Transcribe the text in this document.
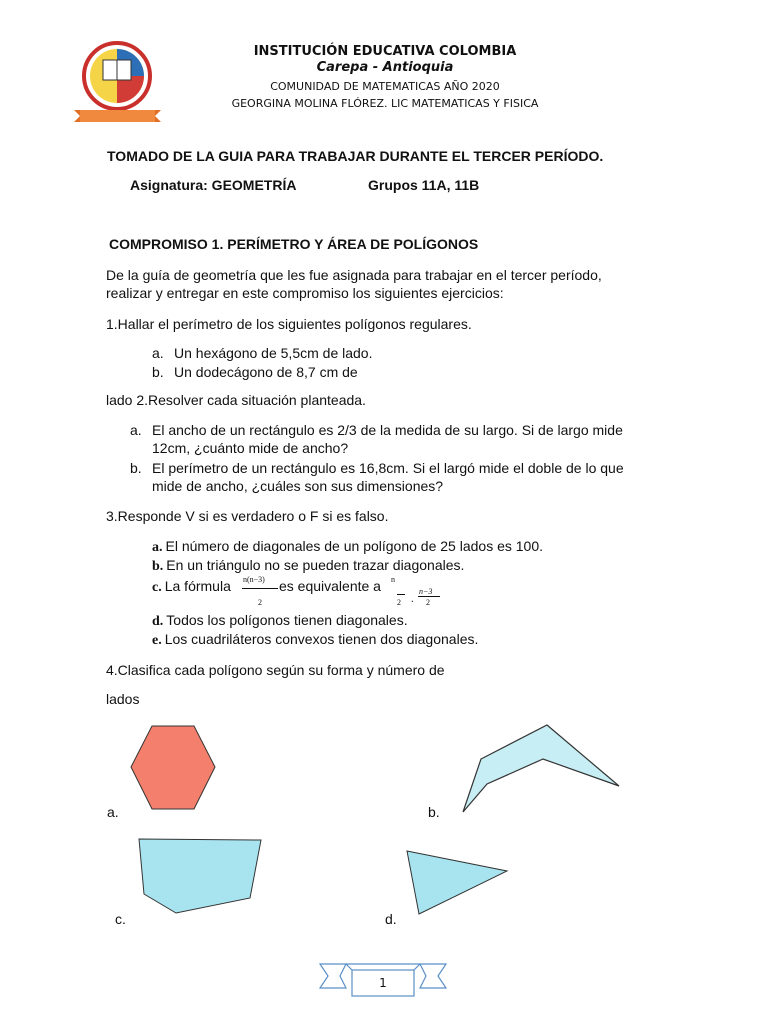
INSTITUCIÓN EDUCATIVA COLOMBIA
Carepa - Antioquia
COMUNIDAD DE MATEMATICAS AÑO 2020
GEORGINA MOLINA FLÓREZ. LIC MATEMATICAS Y FISICA
TOMADO DE LA GUIA PARA TRABAJAR DURANTE EL TERCER PERÍODO.
Asignatura: GEOMETRÍA	Grupos 11A, 11B
COMPROMISO 1. PERÍMETRO Y ÁREA DE POLÍGONOS
De la guía de geometría que les fue asignada para trabajar en el tercer período,
realizar y entregar en este compromiso los siguientes ejercicios:
1.Hallar el perímetro de los siguientes polígonos regulares.
a. Un hexágono de 5,5cm de lado.
b. Un dodecágono de 8,7 cm de
lado 2.Resolver cada situación planteada.
a. El ancho de un rectángulo es 2/3 de la medida de su largo. Si de largo mide
12cm, ¿cuánto mide de ancho?
b. El perímetro de un rectángulo es 16,8cm. Si el largó mide el doble de lo que
mide de ancho, ¿cuáles son sus dimensiones?
3.Responde V si es verdadero o F si es falso.
a. El número de diagonales de un polígono de 25 lados es 100.
b. En un triángulo no se pueden trazar diagonales.
c. La fórmula n(n−3)
2
es equivalente a n
2 ·
n−3
2
d. Todos los polígonos tienen diagonales.
e. Los cuadriláteros convexos tienen dos diagonales.
4.Clasifica cada polígono según su forma y número de
lados
a.	b.
c.	d.
1
